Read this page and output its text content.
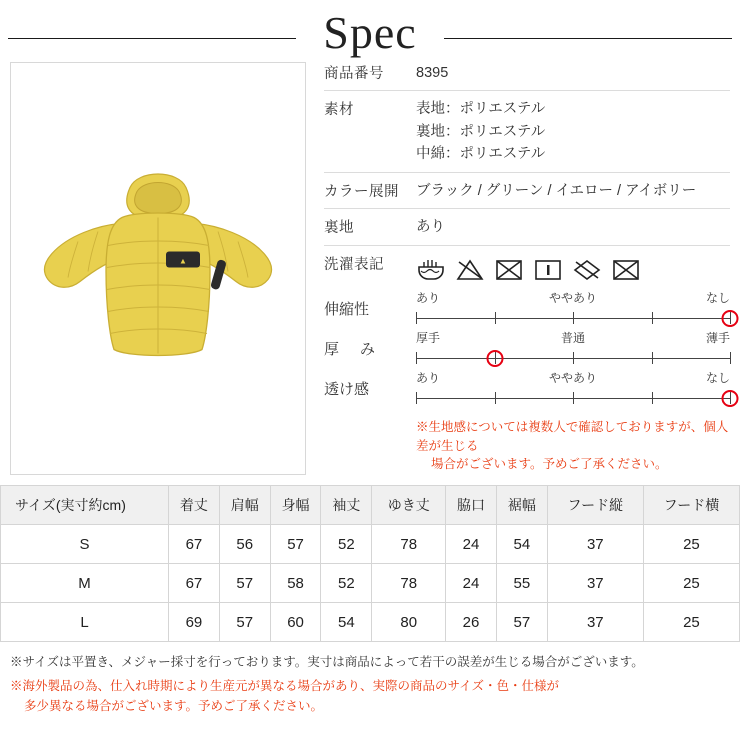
Spec
▲
商品番号	8395
素材	表地：ポリエステル
裏地：ポリエステル
中綿：ポリエステル
カラー展開	ブラック / グリーン / イエロー / アイボリー
裏地	あり
洗濯表記
伸縮性
あり	ややあり	なし
厚　み
厚手	普通	薄手
透け感
あり	ややあり	なし
※生地感については複数人で確認しておりますが、個人差が生じる
場合がございます。予めご了承ください。
サイズ(実寸約cm)	着丈	肩幅	身幅	袖丈	ゆき丈	脇口	裾幅	フード縦	フード横
S	67	56	57	52	78	24	54	37	25
M	67	57	58	52	78	24	55	37	25
L	69	57	60	54	80	26	57	37	25
※サイズは平置き、メジャー採寸を行っております。実寸は商品によって若干の誤差が生じる場合がございます。
※海外製品の為、仕入れ時期により生産元が異なる場合があり、実際の商品のサイズ・色・仕様が
多少異なる場合がございます。予めご了承ください。
